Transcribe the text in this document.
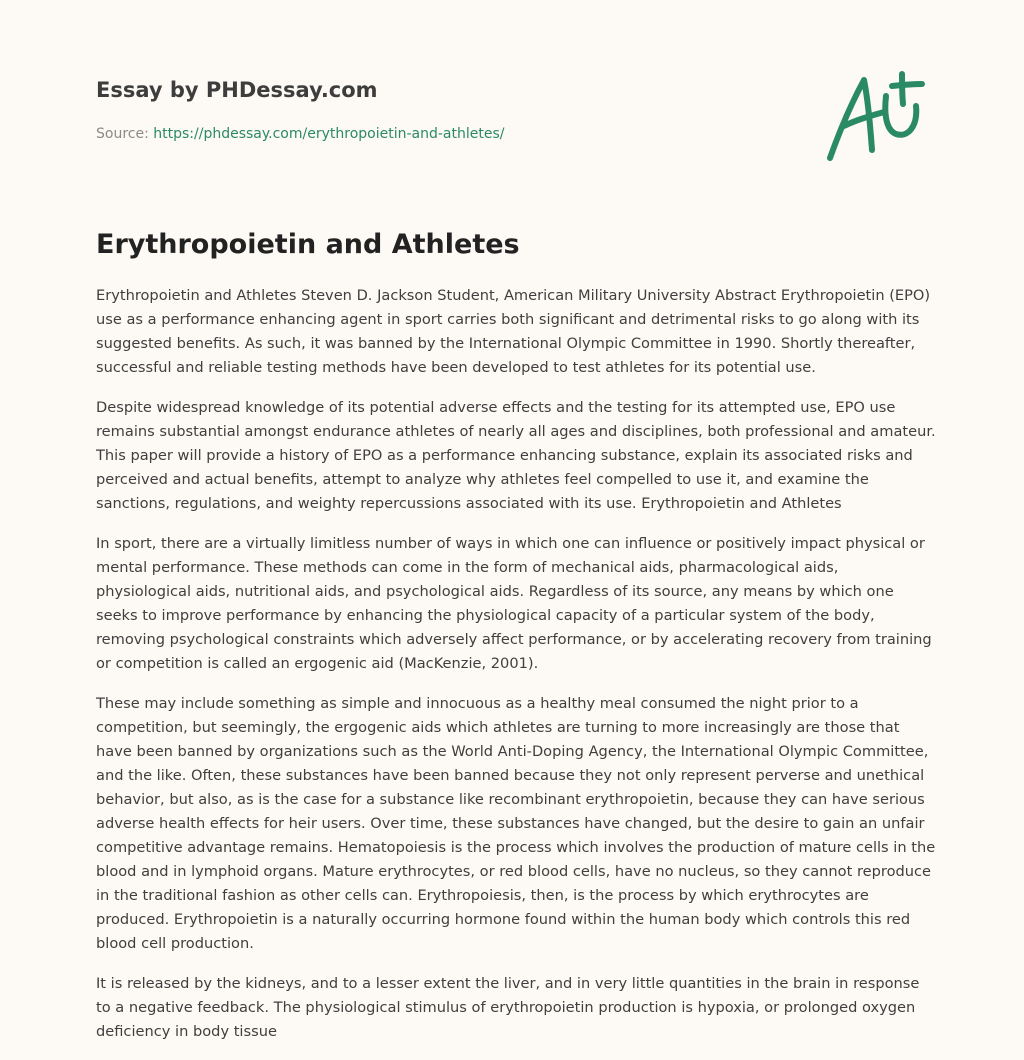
Essay by PHDessay.com
Source: https://phdessay.com/erythropoietin-and-athletes/
Erythropoietin and Athletes

Erythropoietin and Athletes Steven D. Jackson Student, American Military University Abstract Erythropoietin (EPO) use as a performance enhancing agent in sport carries both significant and detrimental risks to go along with its suggested benefits. As such, it was banned by the International Olympic Committee in 1990. Shortly thereafter, successful and reliable testing methods have been developed to test athletes for its potential use.

Despite widespread knowledge of its potential adverse effects and the testing for its attempted use, EPO use remains substantial amongst endurance athletes of nearly all ages and disciplines, both professional and amateur. This paper will provide a history of EPO as a performance enhancing substance, explain its associated risks and perceived and actual benefits, attempt to analyze why athletes feel compelled to use it, and examine the sanctions, regulations, and weighty repercussions associated with its use. Erythropoietin and Athletes

In sport, there are a virtually limitless number of ways in which one can influence or positively impact physical or mental performance. These methods can come in the form of mechanical aids, pharmacological aids, physiological aids, nutritional aids, and psychological aids. Regardless of its source, any means by which one seeks to improve performance by enhancing the physiological capacity of a particular system of the body, removing psychological constraints which adversely affect performance, or by accelerating recovery from training or competition is called an ergogenic aid (MacKenzie, 2001).

These may include something as simple and innocuous as a healthy meal consumed the night prior to a competition, but seemingly, the ergogenic aids which athletes are turning to more increasingly are those that have been banned by organizations such as the World Anti-Doping Agency, the International Olympic Committee, and the like. Often, these substances have been banned because they not only represent perverse and unethical behavior, but also, as is the case for a substance like recombinant erythropoietin, because they can have serious adverse health effects for heir users. Over time, these substances have changed, but the desire to gain an unfair competitive advantage remains. Hematopoiesis is the process which involves the production of mature cells in the blood and in lymphoid organs. Mature erythrocytes, or red blood cells, have no nucleus, so they cannot reproduce in the traditional fashion as other cells can. Erythropoiesis, then, is the process by which erythrocytes are produced. Erythropoietin is a naturally occurring hormone found within the human body which controls this red blood cell production.

It is released by the kidneys, and to a lesser extent the liver, and in very little quantities in the brain in response to a negative feedback. The physiological stimulus of erythropoietin production is hypoxia, or prolonged oxygen deficiency in body tissue
